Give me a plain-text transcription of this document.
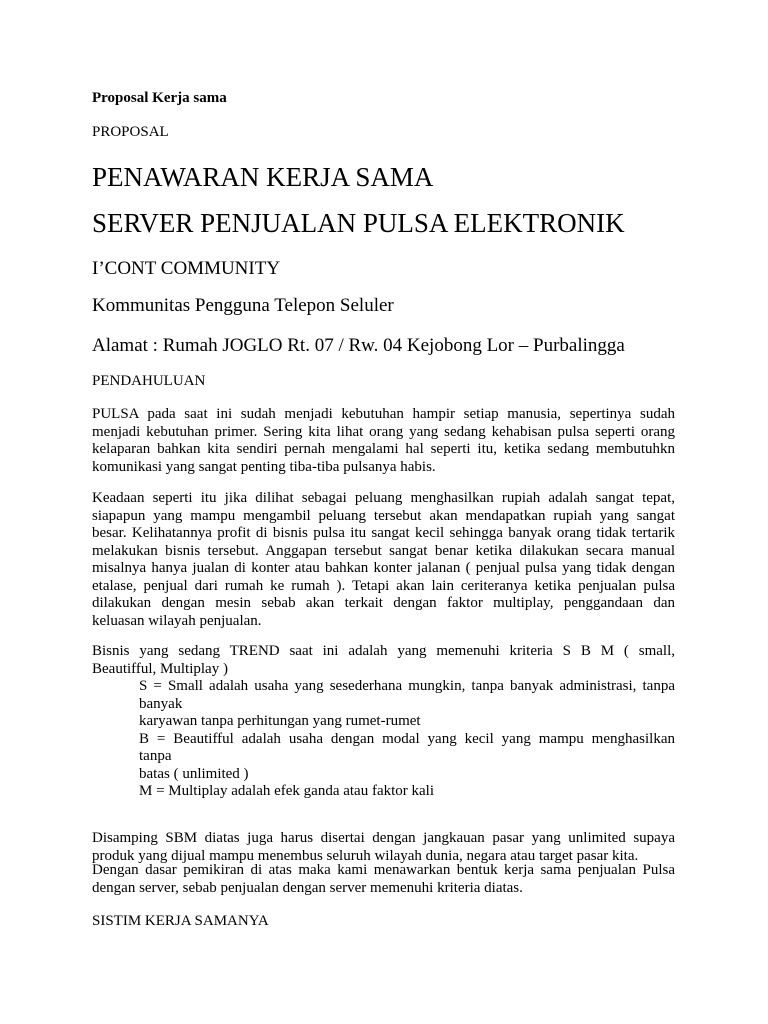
Proposal Kerja sama

PROPOSAL

PENAWARAN KERJA SAMA

SERVER PENJUALAN PULSA ELEKTRONIK

I’CONT COMMUNITY

Kommunitas Pengguna Telepon Seluler

Alamat : Rumah JOGLO Rt. 07 / Rw. 04 Kejobong Lor – Purbalingga

PENDAHULUAN

PULSA pada saat ini sudah menjadi kebutuhan hampir setiap manusia, sepertinya sudah
menjadi kebutuhan primer. Sering kita lihat orang yang sedang kehabisan pulsa seperti orang
kelaparan bahkan kita sendiri pernah mengalami hal seperti itu, ketika sedang membutuhkn
komunikasi yang sangat penting tiba-tiba pulsanya habis.
Keadaan seperti itu jika dilihat sebagai peluang menghasilkan rupiah adalah sangat tepat,
siapapun yang mampu mengambil peluang tersebut akan mendapatkan rupiah yang sangat
besar. Kelihatannya profit di bisnis pulsa itu sangat kecil sehingga banyak orang tidak tertarik
melakukan bisnis tersebut. Anggapan tersebut sangat benar ketika dilakukan secara manual
misalnya hanya jualan di konter atau bahkan konter jalanan ( penjual pulsa yang tidak dengan
etalase, penjual dari rumah ke rumah ). Tetapi akan lain ceriteranya ketika penjualan pulsa
dilakukan dengan mesin sebab akan terkait dengan faktor multiplay, penggandaan dan
keluasan wilayah penjualan.
Bisnis yang sedang TREND saat ini adalah yang memenuhi kriteria S B M ( small,
Beautifful, Multiplay )
S = Small adalah usaha yang sesederhana mungkin, tanpa banyak administrasi, tanpa
banyak
karyawan tanpa perhitungan yang rumet-rumet
B = Beautifful adalah usaha dengan modal yang kecil yang mampu menghasilkan
tanpa
batas ( unlimited )
M = Multiplay adalah efek ganda atau faktor kali
Disamping SBM diatas juga harus disertai dengan jangkauan pasar yang unlimited supaya
produk yang dijual mampu menembus seluruh wilayah dunia, negara atau target pasar kita.
Dengan dasar pemikiran di atas maka kami menawarkan bentuk kerja sama penjualan Pulsa
dengan server, sebab penjualan dengan server memenuhi kriteria diatas.

SISTIM KERJA SAMANYA
